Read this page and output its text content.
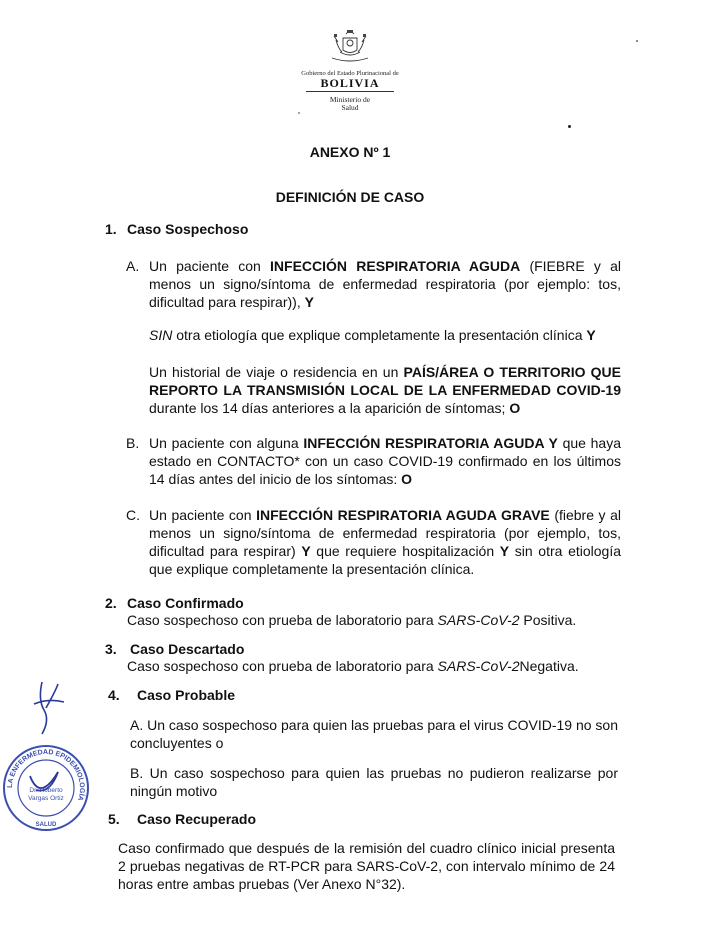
Gobierno del Estado Plurinacional de
BOLIVIA
Ministerio de
Salud
ANEXO Nº 1
DEFINICIÓN DE CASO
1. Caso Sospechoso
A. Un paciente con INFECCIÓN RESPIRATORIA AGUDA (FIEBRE y al menos un signo/síntoma de enfermedad respiratoria (por ejemplo: tos, dificultad para respirar)), Y
SIN otra etiología que explique completamente la presentación clínica Y
Un historial de viaje o residencia en un PAÍS/ÁREA O TERRITORIO QUE REPORTO LA TRANSMISIÓN LOCAL DE LA ENFERMEDAD COVID-19 durante los 14 días anteriores a la aparición de síntomas; O
B. Un paciente con alguna INFECCIÓN RESPIRATORIA AGUDA Y que haya estado en CONTACTO* con un caso COVID-19 confirmado en los últimos 14 días antes del inicio de los síntomas: O
C. Un paciente con INFECCIÓN RESPIRATORIA AGUDA GRAVE (fiebre y al menos un signo/síntoma de enfermedad respiratoria (por ejemplo, tos, dificultad para respirar) Y que requiere hospitalización Y sin otra etiología que explique completamente la presentación clínica.
2. Caso Confirmado
Caso sospechoso con prueba de laboratorio para SARS-CoV-2 Positiva.
3. Caso Descartado
Caso sospechoso con prueba de laboratorio para SARS-CoV-2Negativa.
4. Caso Probable
A. Un caso sospechoso para quien las pruebas para el virus COVID-19 no son concluyentes o
B. Un caso sospechoso para quien las pruebas no pudieron realizarse por ningún motivo
5. Caso Recuperado
Caso confirmado que después de la remisión del cuadro clínico inicial presenta 2 pruebas negativas de RT-PCR para SARS-CoV-2, con intervalo mínimo de 24 horas entre ambas pruebas (Ver Anexo N°32).
LA ENFERMEDAD EPIDEMIOLOGÍA
Dr. Roberto
Vargas Ortiz
SALUD
